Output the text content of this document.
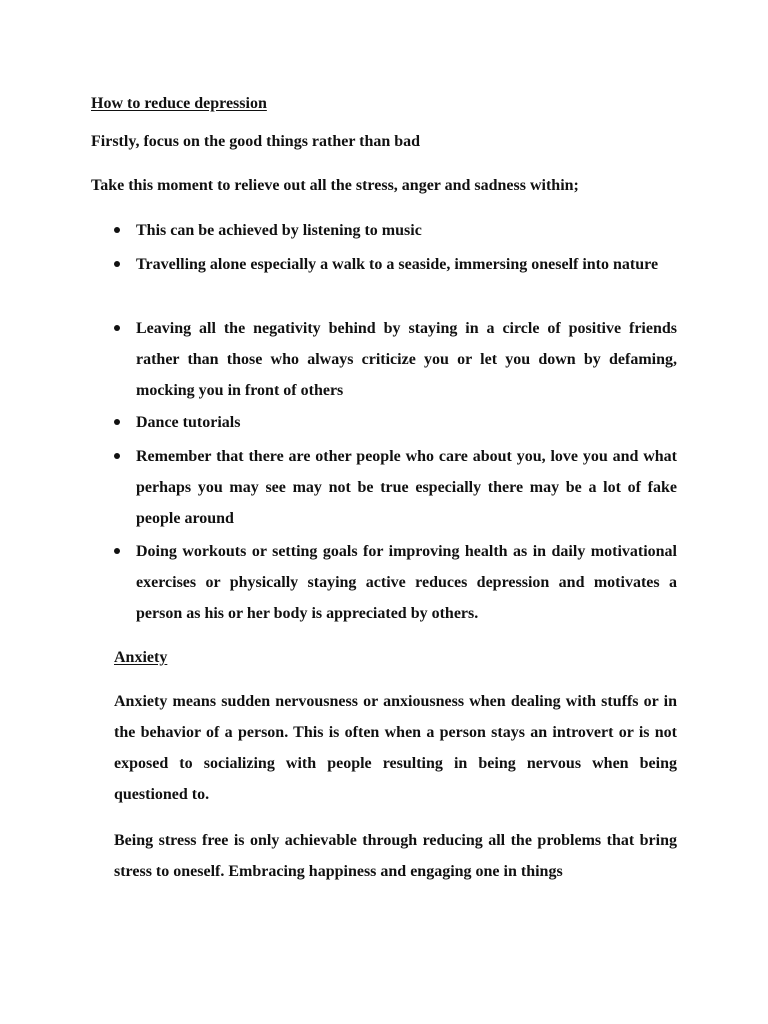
How to reduce depression
Firstly, focus on the good things rather than bad
Take this moment to relieve out all the stress, anger and sadness within;
This can be achieved by listening to music
Travelling alone especially a walk to a seaside, immersing oneself into nature
Leaving all the negativity behind by staying in a circle of positive friends rather than those who always criticize you or let you down by defaming, mocking you in front of others
Dance tutorials
Remember that there are other people who care about you, love you and what perhaps you may see may not be true especially there may be a lot of fake people around
Doing workouts or setting goals for improving health as in daily motivational exercises or physically staying active reduces depression and motivates a person as his or her body is appreciated by others.
Anxiety
Anxiety means sudden nervousness or anxiousness when dealing with stuffs or in the behavior of a person. This is often when a person stays an introvert or is not exposed to socializing with people resulting in being nervous when being questioned to.
Being stress free is only achievable through reducing all the problems that bring stress to oneself. Embracing happiness and engaging one in things
